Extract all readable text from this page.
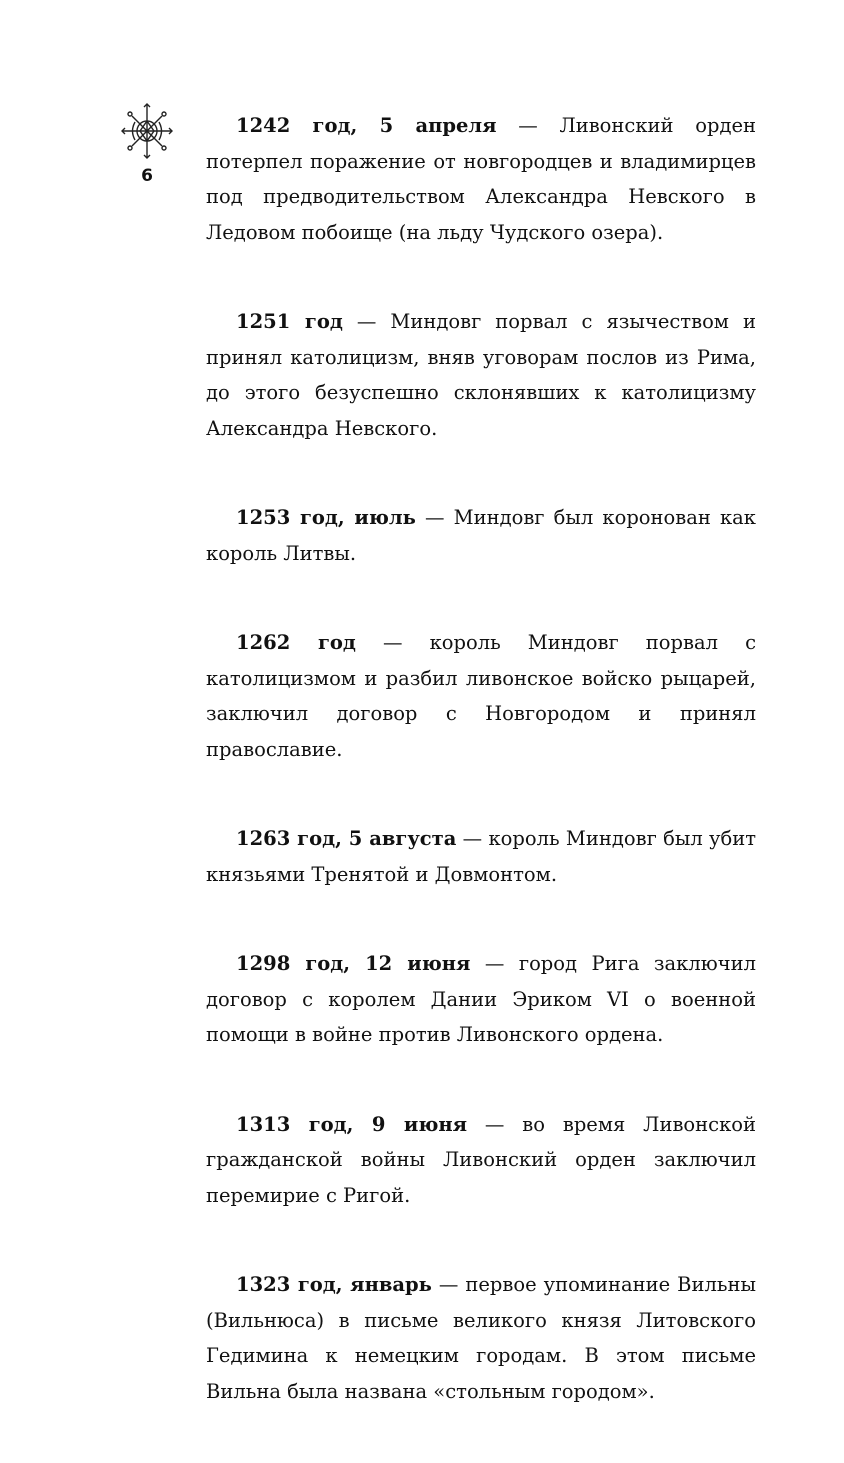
6

1242 год, 5 апреля — Ливонский орден потерпел поражение от новгородцев и владимирцев под предводительством Александра Невского в Ледовом побоище (на льду Чудского озера).

1251 год — Миндовг порвал с язычеством и принял католицизм, вняв уговорам послов из Рима, до этого безуспешно склонявших к католицизму Александра Невского.

1253 год, июль — Миндовг был коронован как король Литвы.

1262 год — король Миндовг порвал с католицизмом и разбил ливонское войско рыцарей, заключил договор с Новгородом и принял православие.

1263 год, 5 августа — король Миндовг был убит князьями Тренятой и Довмонтом.

1298 год, 12 июня — город Рига заключил договор с королем Дании Эриком VI о военной помощи в войне против Ливонского ордена.

1313 год, 9 июня — во время Ливонской гражданской войны Ливонский орден заключил перемирие с Ригой.

1323 год, январь — первое упоминание Вильны (Вильнюса) в письме великого князя Литовского Гедимина к немецким городам. В этом письме Вильна была названа «стольным городом».
